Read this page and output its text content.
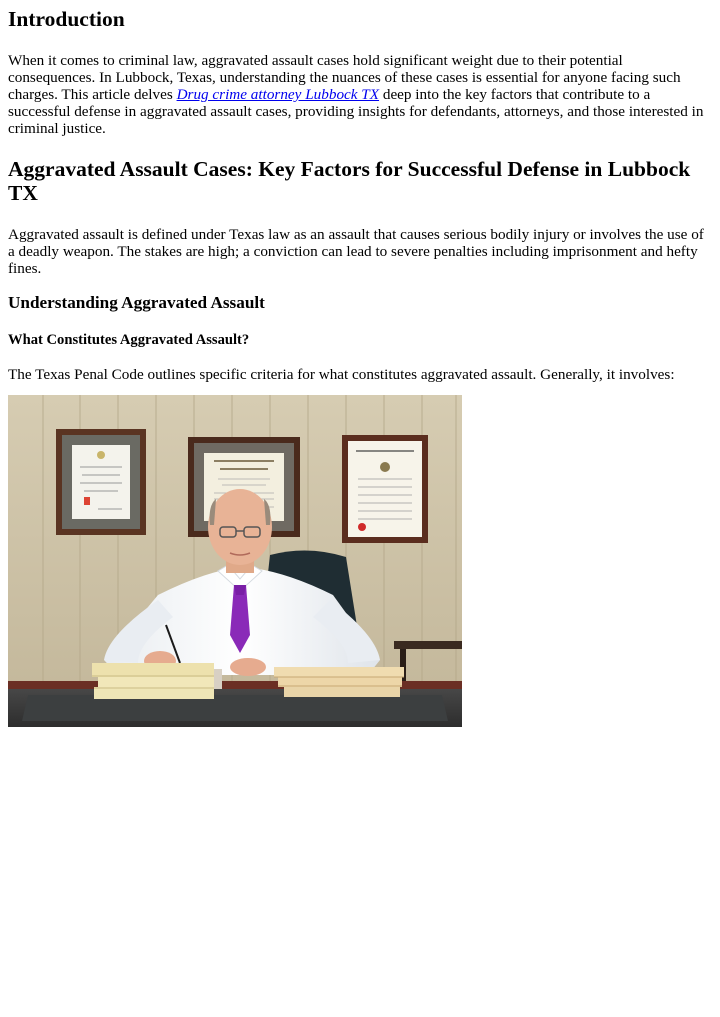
Introduction

When it comes to criminal law, aggravated assault cases hold significant weight due to their potential consequences. In Lubbock, Texas, understanding the nuances of these cases is essential for anyone facing such charges. This article delves Drug crime attorney Lubbock TX deep into the key factors that contribute to a successful defense in aggravated assault cases, providing insights for defendants, attorneys, and those interested in criminal justice.

Aggravated Assault Cases: Key Factors for Successful Defense in Lubbock TX

Aggravated assault is defined under Texas law as an assault that causes serious bodily injury or involves the use of a deadly weapon. The stakes are high; a conviction can lead to severe penalties including imprisonment and hefty fines.

Understanding Aggravated Assault
What Constitutes Aggravated Assault?

The Texas Penal Code outlines specific criteria for what constitutes aggravated assault. Generally, it involves:
